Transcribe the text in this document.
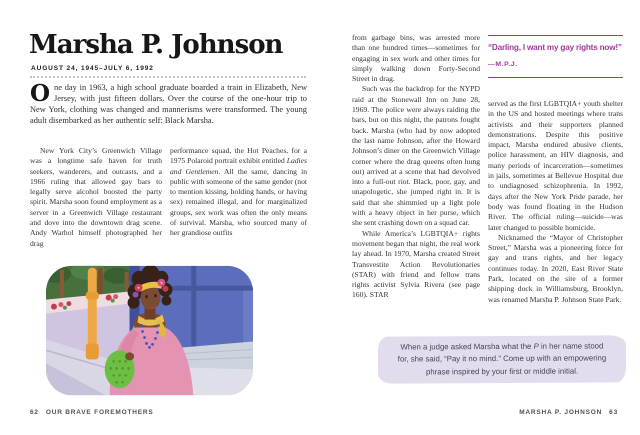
Marsha P. Johnson
AUGUST 24, 1945–JULY 6, 1992

One day in 1963, a high school graduate boarded a train in Elizabeth, New Jersey, with just fifteen dollars. Over the course of the one-hour trip to New York, clothing was changed and mannerisms were transformed. The young adult disembarked as her authentic self: Black Marsha.

New York City’s Greenwich Village was a longtime safe haven for truth seekers, wanderers, and outcasts, and a 1966 ruling that allowed gay bars to legally serve alcohol boosted the party spirit. Marsha soon found employment as a server in a Greenwich Village restaurant and dove into the downtown drag scene. Andy Warhol himself photographed her drag

performance squad, the Hot Peaches, for a 1975 Polaroid portrait exhibit entitled Ladies and Gentlemen. All the same, dancing in public with someone of the same gender (not to mention kissing, holding hands, or having sex) remained illegal, and for marginalized groups, sex work was often the only means of survival. Marsha, who sourced many of her grandiose outfits

62 OUR BRAVE FOREMOTHERS

from garbage bins, was arrested more than one hundred times—sometimes for engaging in sex work and other times for simply walking down Forty-Second Street in drag.

Such was the backdrop for the NYPD raid at the Stonewall Inn on June 28, 1969. The police were always raiding the bars, but on this night, the patrons fought back. Marsha (who had by now adopted the last name Johnson, after the Howard Johnson’s diner on the Greenwich Village corner where the drag queens often hung out) arrived at a scene that had devolved into a full-out riot. Black, poor, gay, and unapologetic, she jumped right in. It is said that she shimmied up a light pole with a heavy object in her purse, which she sent crashing down on a squad car.

While America’s LGBTQIA+ rights movement began that night, the real work lay ahead. In 1970, Marsha created Street Transvestite Action Revolutionaries (STAR) with friend and fellow trans rights activist Sylvia Rivera (see page 160). STAR

“Darling, I want my gay rights now!”
—M.P.J.

served as the first LGBTQIA+ youth shelter in the US and hosted meetings where trans activists and their supporters planned demonstrations. Despite this positive impact, Marsha endured abusive clients, police harassment, an HIV diagnosis, and many periods of incarceration—sometimes in jails, sometimes at Bellevue Hospital due to undiagnosed schizophrenia. In 1992, days after the New York Pride parade, her body was found floating in the Hudson River. The official ruling—suicide—was later changed to possible homicide.

Nicknamed the “Mayor of Christopher Street,” Marsha was a pioneering force for gay and trans rights, and her legacy continues today. In 2020, East River State Park, located on the site of a former shipping dock in Williamsburg, Brooklyn, was renamed Marsha P. Johnson State Park.

When a judge asked Marsha what the P in her name stood for, she said, “Pay it no mind.” Come up with an empowering phrase inspired by your first or middle initial.

MARSHA P. JOHNSON 63
